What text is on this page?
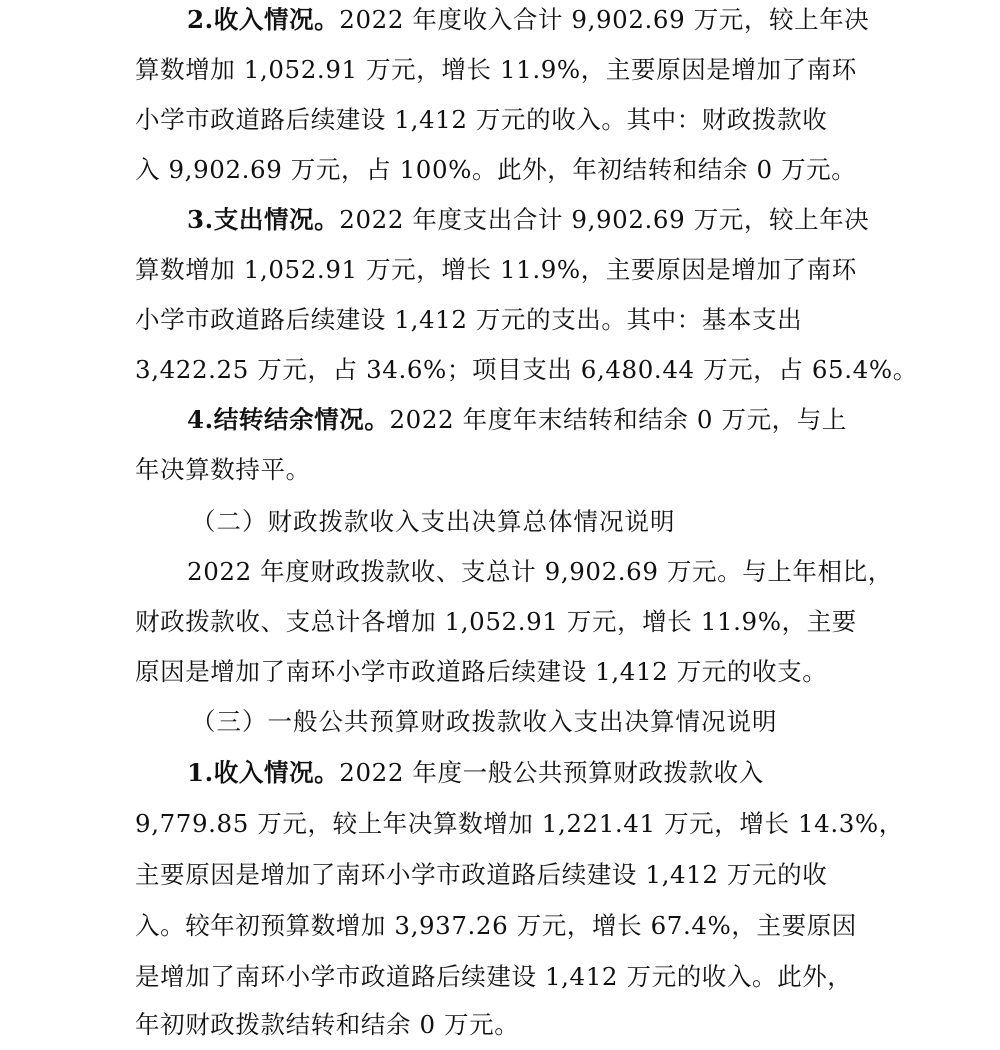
2.收入情况。2022 年度收入合计 9,902.69 万元，较上年决
算数增加 1,052.91 万元，增长 11.9%，主要原因是增加了南环
小学市政道路后续建设 1,412 万元的收入。其中：财政拨款收
入 9,902.69 万元，占 100%。此外，年初结转和结余 0 万元。
3.支出情况。2022 年度支出合计 9,902.69 万元，较上年决
算数增加 1,052.91 万元，增长 11.9%，主要原因是增加了南环
小学市政道路后续建设 1,412 万元的支出。其中：基本支出
3,422.25 万元，占 34.6%；项目支出 6,480.44 万元，占 65.4%。
4.结转结余情况。2022 年度年末结转和结余 0 万元，与上
年决算数持平。
（二）财政拨款收入支出决算总体情况说明
2022 年度财政拨款收、支总计 9,902.69 万元。与上年相比，
财政拨款收、支总计各增加 1,052.91 万元，增长 11.9%，主要
原因是增加了南环小学市政道路后续建设 1,412 万元的收支。
（三）一般公共预算财政拨款收入支出决算情况说明
1.收入情况。2022 年度一般公共预算财政拨款收入
9,779.85 万元，较上年决算数增加 1,221.41 万元，增长 14.3%，
主要原因是增加了南环小学市政道路后续建设 1,412 万元的收
入。较年初预算数增加 3,937.26 万元，增长 67.4%，主要原因
是增加了南环小学市政道路后续建设 1,412 万元的收入。此外，
年初财政拨款结转和结余 0 万元。
